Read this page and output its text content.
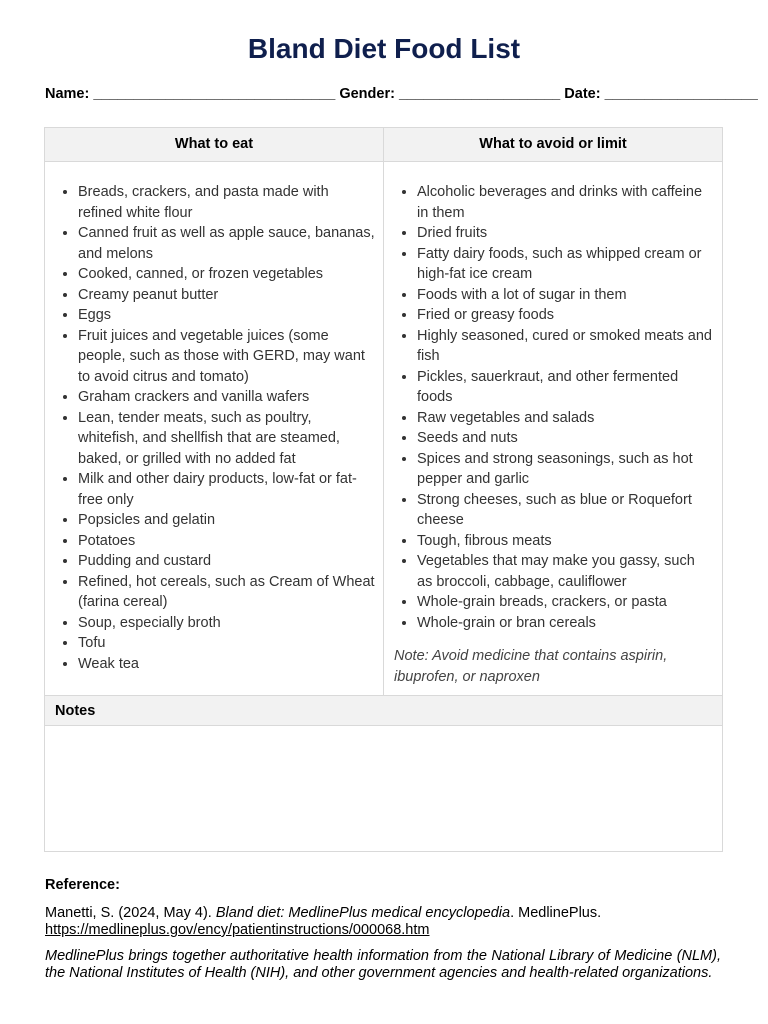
Bland Diet Food List
Name: ______________________________ Gender: ____________________ Date: ___________________
What to eat	What to avoid or limit
• Breads, crackers, and pasta made with refined white flour
• Canned fruit as well as apple sauce, bananas, and melons
• Cooked, canned, or frozen vegetables
• Creamy peanut butter
• Eggs
• Fruit juices and vegetable juices (some people, such as those with GERD, may want to avoid citrus and tomato)
• Graham crackers and vanilla wafers
• Lean, tender meats, such as poultry, whitefish, and shellfish that are steamed, baked, or grilled with no added fat
• Milk and other dairy products, low-fat or fat-free only
• Popsicles and gelatin
• Potatoes
• Pudding and custard
• Refined, hot cereals, such as Cream of Wheat (farina cereal)
• Soup, especially broth
• Tofu
• Weak tea
• Alcoholic beverages and drinks with caffeine in them
• Dried fruits
• Fatty dairy foods, such as whipped cream or high-fat ice cream
• Foods with a lot of sugar in them
• Fried or greasy foods
• Highly seasoned, cured or smoked meats and fish
• Pickles, sauerkraut, and other fermented foods
• Raw vegetables and salads
• Seeds and nuts
• Spices and strong seasonings, such as hot pepper and garlic
• Strong cheeses, such as blue or Roquefort cheese
• Tough, fibrous meats
• Vegetables that may make you gassy, such as broccoli, cabbage, cauliflower
• Whole-grain breads, crackers, or pasta
• Whole-grain or bran cereals
Note: Avoid medicine that contains aspirin, ibuprofen, or naproxen
Notes
Reference:
Manetti, S. (2024, May 4). Bland diet: MedlinePlus medical encyclopedia. MedlinePlus.
https://medlineplus.gov/ency/patientinstructions/000068.htm
MedlinePlus brings together authoritative health information from the National Library of Medicine (NLM), the National Institutes of Health (NIH), and other government agencies and health-related organizations.
